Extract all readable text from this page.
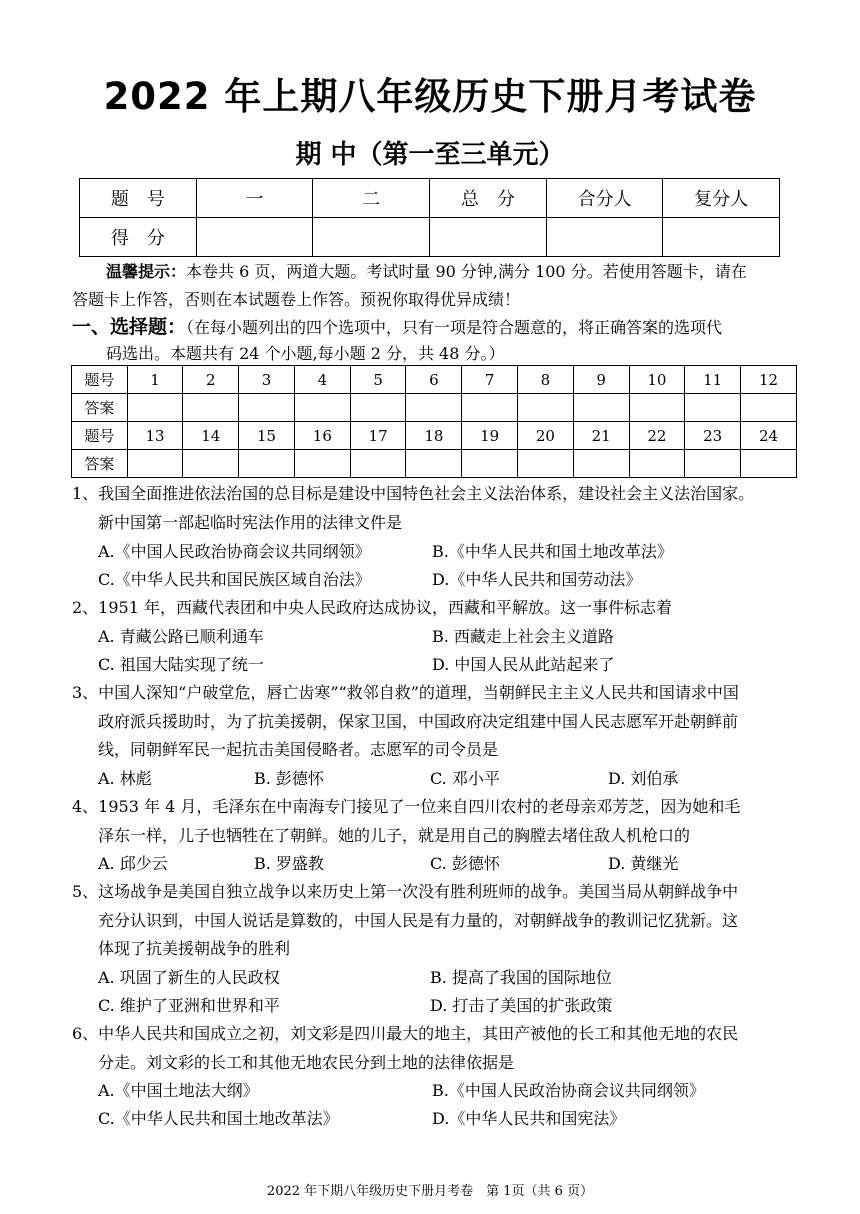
2022 年上期八年级历史下册月考试卷
期 中（第一至三单元）
题　号	一	二	总　分	合分人	复分人
得　分					
温馨提示：本卷共 6 页，两道大题。考试时量 90 分钟,满分 100 分。若使用答题卡，请在
答题卡上作答，否则在本试题卷上作答。预祝你取得优异成绩！
一、选择题：（在每小题列出的四个选项中，只有一项是符合题意的，将正确答案的选项代
码选出。本题共有 24 个小题,每小题 2 分，共 48 分。）
题号	1	2	3	4	5	6	7	8	9	10	11	12
答案												
题号	13	14	15	16	17	18	19	20	21	22	23	24
答案												
1、我国全面推进依法治国的总目标是建设中国特色社会主义法治体系，建设社会主义法治国家。
新中国第一部起临时宪法作用的法律文件是
A.《中国人民政治协商会议共同纲领》	B.《中华人民共和国土地改革法》
C.《中华人民共和国民族区域自治法》	D.《中华人民共和国劳动法》
2、1951 年，西藏代表团和中央人民政府达成协议，西藏和平解放。这一事件标志着
A. 青藏公路已顺利通车	B. 西藏走上社会主义道路
C. 祖国大陆实现了统一	D. 中国人民从此站起来了
3、中国人深知“户破堂危，唇亡齿寒”“救邻自救”的道理，当朝鲜民主主义人民共和国请求中国
政府派兵援助时，为了抗美援朝，保家卫国，中国政府决定组建中国人民志愿军开赴朝鲜前
线，同朝鲜军民一起抗击美国侵略者。志愿军的司令员是
A. 林彪	B. 彭德怀	C. 邓小平	D. 刘伯承
4、1953 年 4 月，毛泽东在中南海专门接见了一位来自四川农村的老母亲邓芳芝，因为她和毛
泽东一样，儿子也牺牲在了朝鲜。她的儿子，就是用自己的胸膛去堵住敌人机枪口的
A. 邱少云	B. 罗盛教	C. 彭德怀	D. 黄继光
5、这场战争是美国自独立战争以来历史上第一次没有胜利班师的战争。美国当局从朝鲜战争中
充分认识到，中国人说话是算数的，中国人民是有力量的，对朝鲜战争的教训记忆犹新。这
体现了抗美援朝战争的胜利
A. 巩固了新生的人民政权	B. 提高了我国的国际地位
C. 维护了亚洲和世界和平	D. 打击了美国的扩张政策
6、中华人民共和国成立之初，刘文彩是四川最大的地主，其田产被他的长工和其他无地的农民
分走。刘文彩的长工和其他无地农民分到土地的法律依据是
A.《中国土地法大纲》	B.《中国人民政治协商会议共同纲领》
C.《中华人民共和国土地改革法》	D.《中华人民共和国宪法》
2022 年下期八年级历史下册月考卷　第 1页（共 6 页）
